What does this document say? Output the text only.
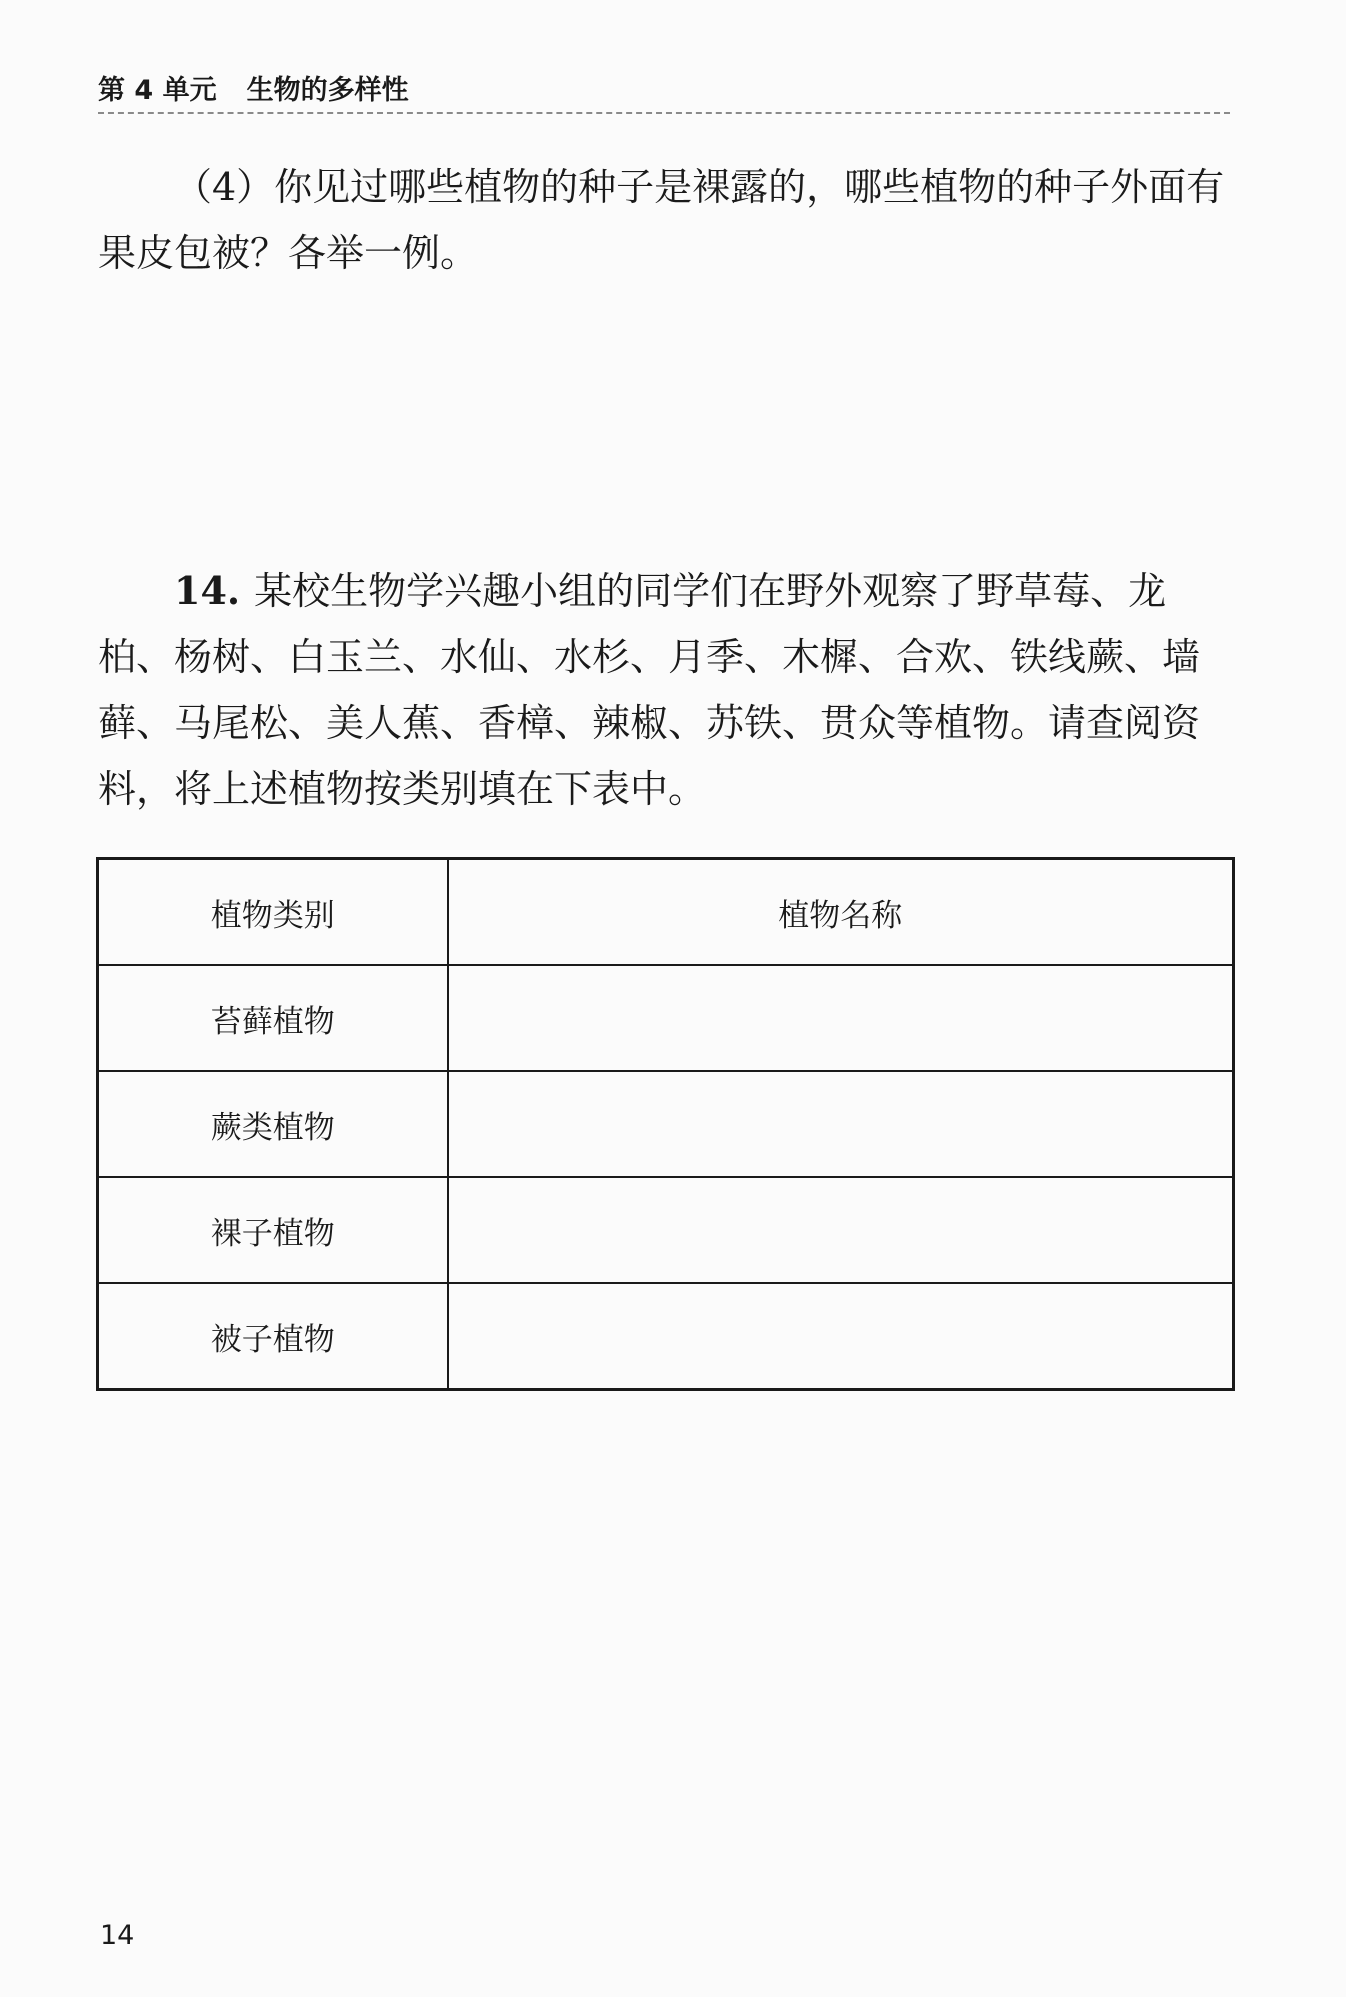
第 4 单元 生物的多样性

（4）你见过哪些植物的种子是裸露的，哪些植物的种子外面有果皮包被？各举一例。

14. 某校生物学兴趣小组的同学们在野外观察了野草莓、龙柏、杨树、白玉兰、水仙、水杉、月季、木樨、合欢、铁线蕨、墙藓、马尾松、美人蕉、香樟、辣椒、苏铁、贯众等植物。请查阅资料，将上述植物按类别填在下表中。

植物类别	植物名称
苔藓植物	
蕨类植物	
裸子植物	
被子植物	
14
